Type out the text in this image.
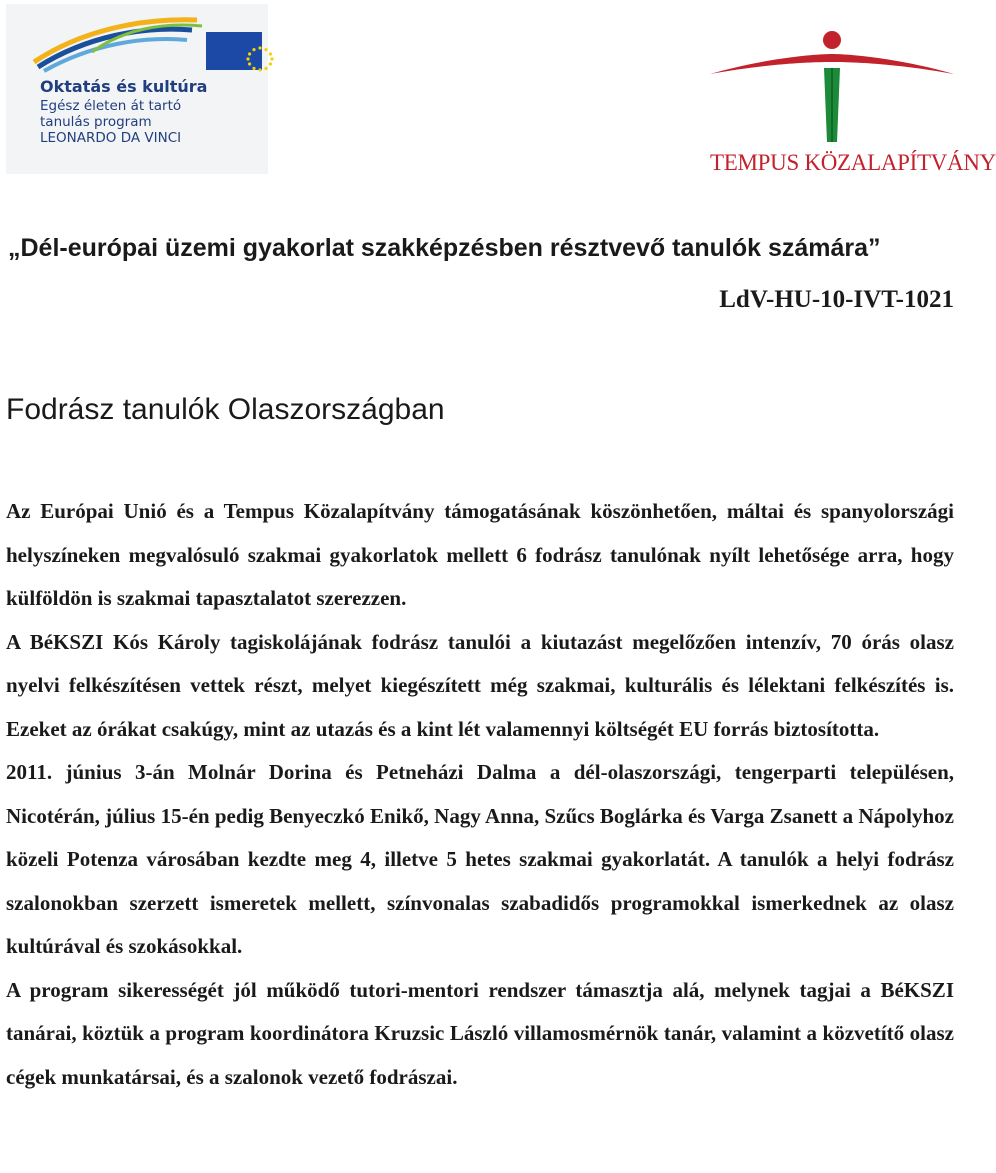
Oktatás és kultúra
Egész életen át tartó
tanulás program
LEONARDO DA VINCI
TEMPUS KÖZALAPÍTVÁNY
„Dél-európai üzemi gyakorlat szakképzésben résztvevő tanulók számára”
LdV-HU-10-IVT-1021
Fodrász tanulók Olaszországban

Az Európai Unió és a Tempus Közalapítvány támogatásának köszönhetően, máltai és spanyolországi helyszíneken megvalósuló szakmai gyakorlatok mellett 6 fodrász tanulónak nyílt lehetősége arra, hogy külföldön is szakmai tapasztalatot szerezzen.

A BéKSZI Kós Károly tagiskolájának fodrász tanulói a kiutazást megelőzően intenzív, 70 órás olasz nyelvi felkészítésen vettek részt, melyet kiegészített még szakmai, kulturális és lélektani felkészítés is. Ezeket az órákat csakúgy, mint az utazás és a kint lét valamennyi költségét EU forrás biztosította.

2011. június 3-án Molnár Dorina és Petneházi Dalma a dél-olaszországi, tengerparti településen, Nicotérán, július 15-én pedig Benyeczkó Enikő, Nagy Anna, Szűcs Boglárka és Varga Zsanett a Nápolyhoz közeli Potenza városában kezdte meg 4, illetve 5 hetes szakmai gyakorlatát. A tanulók a helyi fodrász szalonokban szerzett ismeretek mellett, színvonalas szabadidős programokkal ismerkednek az olasz kultúrával és szokásokkal.

A program sikerességét jól működő tutori-mentori rendszer támasztja alá, melynek tagjai a BéKSZI tanárai, köztük a program koordinátora Kruzsic László villamosmérnök tanár, valamint a közvetítő olasz cégek munkatársai, és a szalonok vezető fodrászai.
